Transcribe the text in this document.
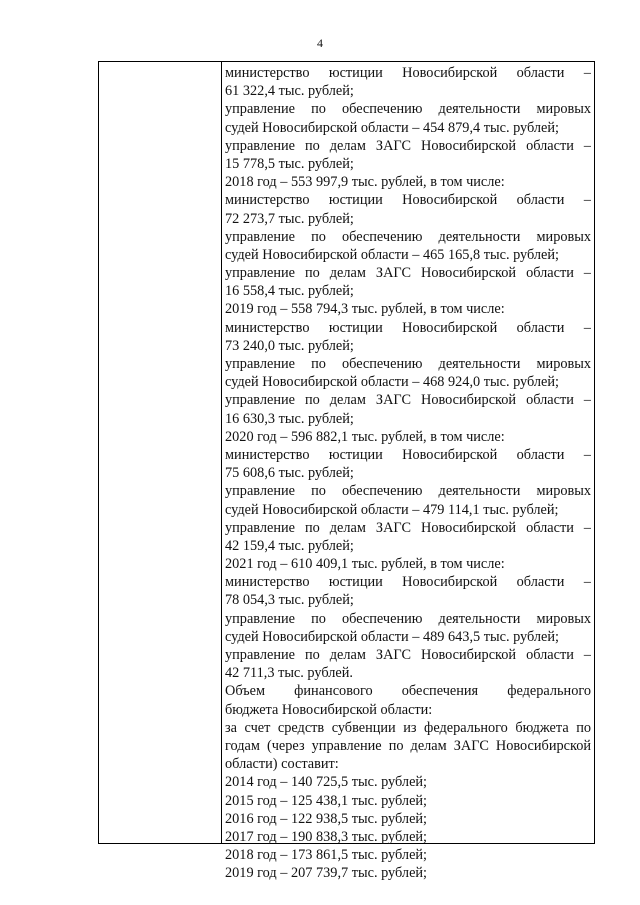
4
министерство юстиции Новосибирской области –
61 322,4 тыс. рублей;
управление по обеспечению деятельности мировых
судей Новосибирской области – 454 879,4 тыс. рублей;
управление по делам ЗАГС Новосибирской области –
15 778,5 тыс. рублей;
2018 год – 553 997,9 тыс. рублей, в том числе:
министерство юстиции Новосибирской области –
72 273,7 тыс. рублей;
управление по обеспечению деятельности мировых
судей Новосибирской области – 465 165,8 тыс. рублей;
управление по делам ЗАГС Новосибирской области –
16 558,4 тыс. рублей;
2019 год – 558 794,3 тыс. рублей, в том числе:
министерство юстиции Новосибирской области –
73 240,0 тыс. рублей;
управление по обеспечению деятельности мировых
судей Новосибирской области – 468 924,0 тыс. рублей;
управление по делам ЗАГС Новосибирской области –
16 630,3 тыс. рублей;
2020 год – 596 882,1 тыс. рублей, в том числе:
министерство юстиции Новосибирской области –
75 608,6 тыс. рублей;
управление по обеспечению деятельности мировых
судей Новосибирской области – 479 114,1 тыс. рублей;
управление по делам ЗАГС Новосибирской области –
42 159,4 тыс. рублей;
2021 год – 610 409,1 тыс. рублей, в том числе:
министерство юстиции Новосибирской области –
78 054,3 тыс. рублей;
управление по обеспечению деятельности мировых
судей Новосибирской области – 489 643,5 тыс. рублей;
управление по делам ЗАГС Новосибирской области –
42 711,3 тыс. рублей.
Объем финансового обеспечения федерального
бюджета Новосибирской области:
за счет средств субвенции из федерального бюджета по
годам (через управление по делам ЗАГС Новосибирской
области) составит:
2014 год – 140 725,5 тыс. рублей;
2015 год – 125 438,1 тыс. рублей;
2016 год – 122 938,5 тыс. рублей;
2017 год – 190 838,3 тыс. рублей;
2018 год – 173 861,5 тыс. рублей;
2019 год – 207 739,7 тыс. рублей;
